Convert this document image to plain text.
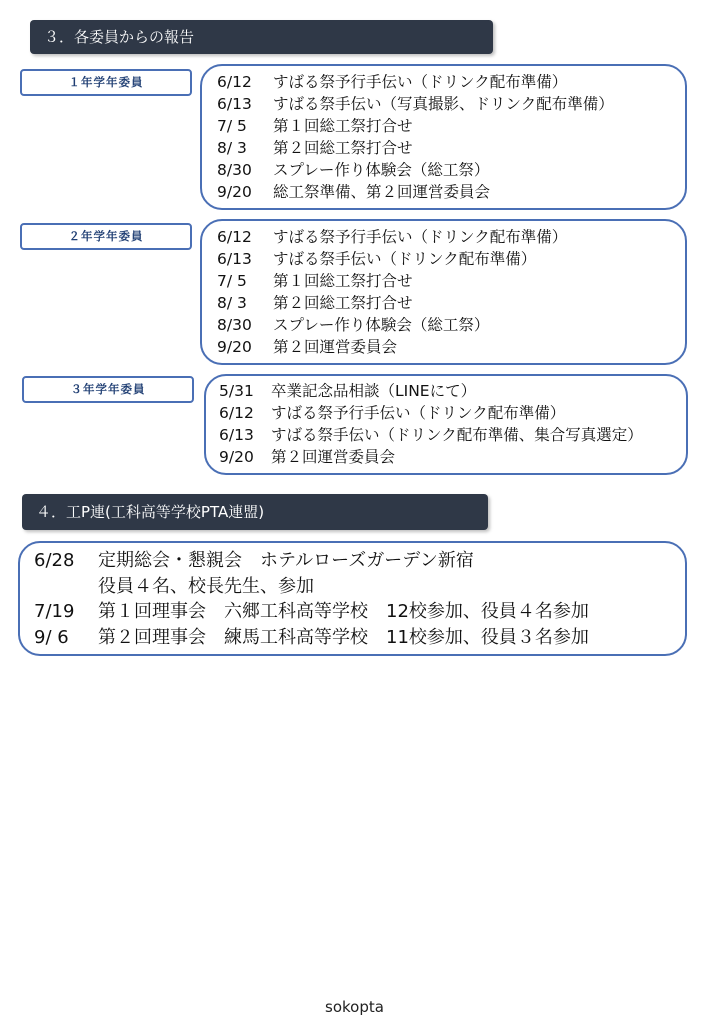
３．各委員からの報告
１年学年委員	6/12 すばる祭予行手伝い（ドリンク配布準備）
6/13 すばる祭手伝い（写真撮影、ドリンク配布準備）
7/ 5 第１回総工祭打合せ
8/ 3 第２回総工祭打合せ
8/30 スプレー作り体験会（総工祭）
9/20 総工祭準備、第２回運営委員会
２年学年委員	6/12 すばる祭予行手伝い（ドリンク配布準備）
6/13 すばる祭手伝い（ドリンク配布準備）
7/ 5 第１回総工祭打合せ
8/ 3 第２回総工祭打合せ
8/30 スプレー作り体験会（総工祭）
9/20 第２回運営委員会
３年学年委員	5/31 卒業記念品相談（LINEにて）
6/12 すばる祭予行手伝い（ドリンク配布準備）
6/13 すばる祭手伝い（ドリンク配布準備、集合写真選定）
9/20 第２回運営委員会
４．工P連(工科高等学校PTA連盟)
6/28 定期総会・懇親会　ホテルローズガーデン新宿
役員４名、校長先生、参加
7/19 第１回理事会　六郷工科高等学校　12校参加、役員４名参加
9/ 6 第２回理事会　練馬工科高等学校　11校参加、役員３名参加
sokopta
